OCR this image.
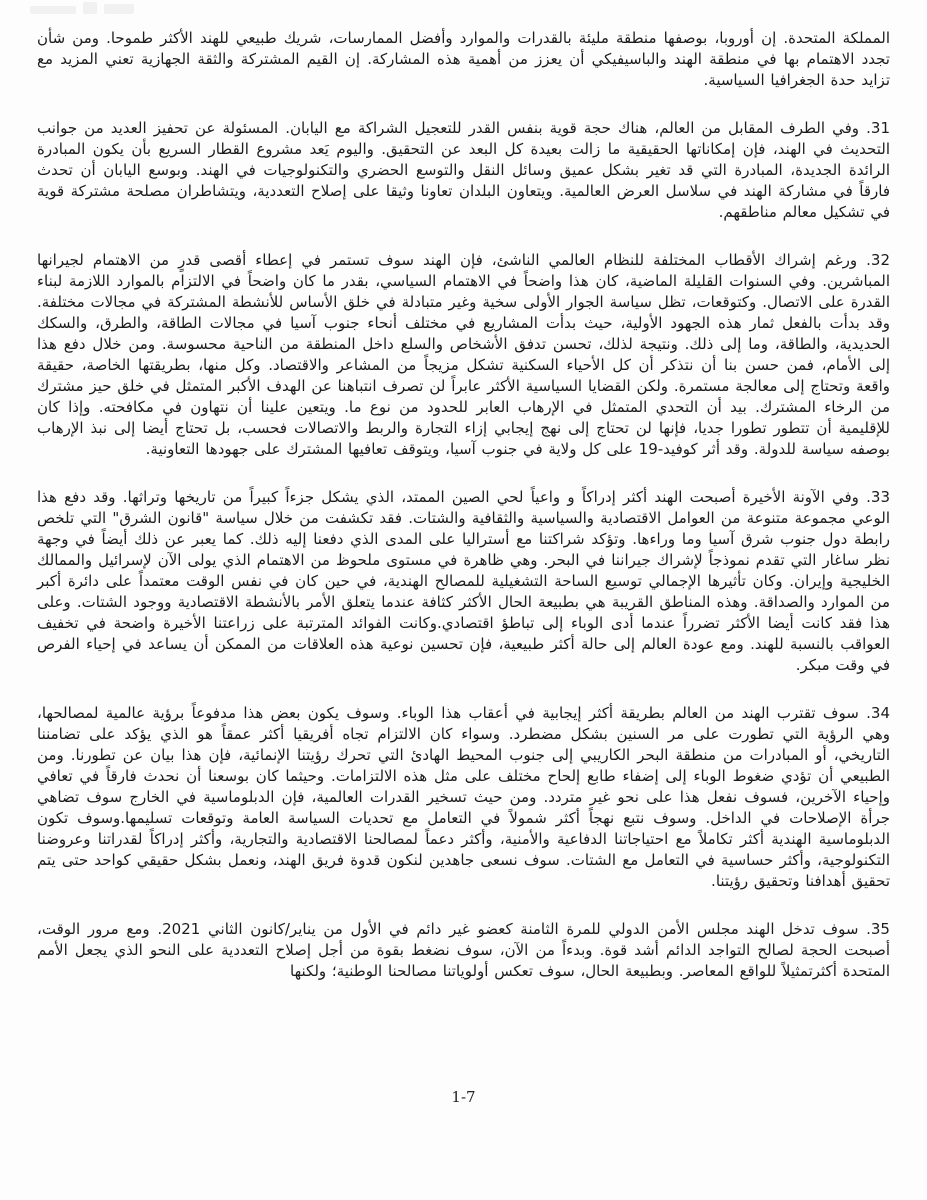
المملكة المتحدة. إن أوروبا، بوصفها منطقة مليئة بالقدرات والموارد وأفضل الممارسات، شريك طبيعي للهند الأكثر طموحا. ومن شأن تجدد الاهتمام بها في منطقة الهند والباسيفيكي أن يعزز من أهمية هذه المشاركة. إن القيم المشتركة والثقة الجهازية تعني المزيد مع تزايد حدة الجغرافيا السياسية.

31. وفي الطرف المقابل من العالم، هناك حجة قوية بنفس القدر للتعجيل الشراكة مع اليابان. المسئولة عن تحفيز العديد من جوانب التحديث في الهند، فإن إمكاناتها الحقيقية ما زالت بعيدة كل البعد عن التحقيق. واليوم يَعد مشروع القطار السريع بأن يكون المبادرة الرائدة الجديدة، المبادرة التي قد تغير بشكل عميق وسائل النقل والتوسع الحضري والتكنولوجيات في الهند. وبوسع اليابان أن تحدث فارقاً في مشاركة الهند في سلاسل العرض العالمية. ويتعاون البلدان تعاونا وثيقا على إصلاح التعددية، ويتشاطران مصلحة مشتركة قوية في تشكيل معالم مناطقهم.

32. ورغم إشراك الأقطاب المختلفة للنظام العالمي الناشئ، فإن الهند سوف تستمر في إعطاء أقصى قدرٍ من الاهتمام لجيرانها المباشرين. وفي السنوات القليلة الماضية، كان هذا واضحاً في الاهتمام السياسي، بقدر ما كان واضحاً في الالتزام بالموارد اللازمة لبناء القدرة على الاتصال. وكتوقعات، تظل سياسة الجوار الأولى سخية وغير متبادلة في خلق الأساس للأنشطة المشتركة في مجالات مختلفة. وقد بدأت بالفعل ثمار هذه الجهود الأولية، حيث بدأت المشاريع في مختلف أنحاء جنوب آسيا في مجالات الطاقة، والطرق، والسكك الحديدية، والطاقة، وما إلى ذلك. ونتيجة لذلك، تحسن تدفق الأشخاص والسلع داخل المنطقة من الناحية محسوسة. ومن خلال دفع هذا إلى الأمام، فمن حسن بنا أن نتذكر أن كل الأحياء السكنية تشكل مزيجاً من المشاعر والاقتصاد. وكل منها، بطريقتها الخاصة، حقيقة واقعة وتحتاج إلى معالجة مستمرة. ولكن القضايا السياسية الأكثر عابراً لن تصرف انتباهنا عن الهدف الأكبر المتمثل في خلق حيز مشترك من الرخاء المشترك. بيد أن التحدي المتمثل في الإرهاب العابر للحدود من نوع ما. ويتعين علينا أن نتهاون في مكافحته. وإذا كان للإقليمية أن تتطور تطورا جديا، فإنها لن تحتاج إلى نهج إيجابي إزاء التجارة والربط والاتصالات فحسب، بل تحتاج أيضا إلى نبذ الإرهاب بوصفه سياسة للدولة. وقد أثر كوفيد-19 على كل ولاية في جنوب آسيا، ويتوقف تعافيها المشترك على جهودها التعاونية.

33. وفي الآونة الأخيرة أصبحت الهند أكثر إدراكاً و واعياً لحي الصين الممتد، الذي يشكل جزءاً كبيراً من تاريخها وتراثها. وقد دفع هذا الوعي مجموعة متنوعة من العوامل الاقتصادية والسياسية والثقافية والشتات. فقد تكشفت من خلال سياسة "قانون الشرق" التي تلخص رابطة دول جنوب شرق آسيا وما وراءها. وتؤكد شراكتنا مع أستراليا على المدى الذي دفعنا إليه ذلك. كما يعبر عن ذلك أيضاً في وجهة نظر ساغار التي تقدم نموذجاً لإشراك جيراننا في البحر. وهي ظاهرة في مستوى ملحوظ من الاهتمام الذي يولى الآن لإسرائيل والممالك الخليجية وإيران. وكان تأثيرها الإجمالي توسيع الساحة التشغيلية للمصالح الهندية، في حين كان في نفس الوقت معتمداً على دائرة أكبر من الموارد والصداقة. وهذه المناطق القريبة هي بطبيعة الحال الأكثر كثافة عندما يتعلق الأمر بالأنشطة الاقتصادية ووجود الشتات. وعلى هذا فقد كانت أيضا الأكثر تضرراً عندما أدى الوباء إلى تباطؤ اقتصادي.وكانت الفوائد المترتبة على زراعتنا الأخيرة واضحة في تخفيف العواقب بالنسبة للهند. ومع عودة العالم إلى حالة أكثر طبيعية، فإن تحسين نوعية هذه العلاقات من الممكن أن يساعد في إحياء الفرص في وقت مبكر.

34. سوف تقترب الهند من العالم بطريقة أكثر إيجابية في أعقاب هذا الوباء. وسوف يكون بعض هذا مدفوعاً برؤية عالمية لمصالحها، وهي الرؤية التي تطورت على مر السنين بشكل مضطرد. وسواء كان الالتزام تجاه أفريقيا أكثر عمقاً هو الذي يؤكد على تضامننا التاريخي، أو المبادرات من منطقة البحر الكاريبي إلى جنوب المحيط الهادئ التي تحرك رؤيتنا الإنمائية، فإن هذا بيان عن تطورنا. ومن الطبيعي أن تؤدي ضغوط الوباء إلى إضفاء طابع إلحاح مختلف على مثل هذه الالتزامات. وحيثما كان بوسعنا أن نحدث فارقاً في تعافي وإحياء الآخرين، فسوف نفعل هذا على نحو غير متردد. ومن حيث تسخير القدرات العالمية، فإن الدبلوماسية في الخارج سوف تضاهي جرأة الإصلاحات في الداخل. وسوف نتبع نهجاً أكثر شمولاً في التعامل مع تحديات السياسة العامة وتوقعات تسليمها.وسوف تكون الدبلوماسية الهندية أكثر تكاملاً مع احتياجاتنا الدفاعية والأمنية، وأكثر دعماً لمصالحنا الاقتصادية والتجارية، وأكثر إدراكاً لقدراتنا وعروضنا التكنولوجية، وأكثر حساسية في التعامل مع الشتات. سوف نسعى جاهدين لنكون قدوة فريق الهند، ونعمل بشكل حقيقي كواحد حتى يتم تحقيق أهدافنا وتحقيق رؤيتنا.

35. سوف تدخل الهند مجلس الأمن الدولي للمرة الثامنة كعضو غير دائم في الأول من يناير/كانون الثاني 2021. ومع مرور الوقت، أصبحت الحجة لصالح التواجد الدائم أشد قوة. وبدءاً من الآن، سوف نضغط بقوة من أجل إصلاح التعددية على النحو الذي يجعل الأمم المتحدة أكثرتمثيلاً للواقع المعاصر. وبطبيعة الحال، سوف تعكس أولوياتنا مصالحنا الوطنية؛ ولكنها

1-7
